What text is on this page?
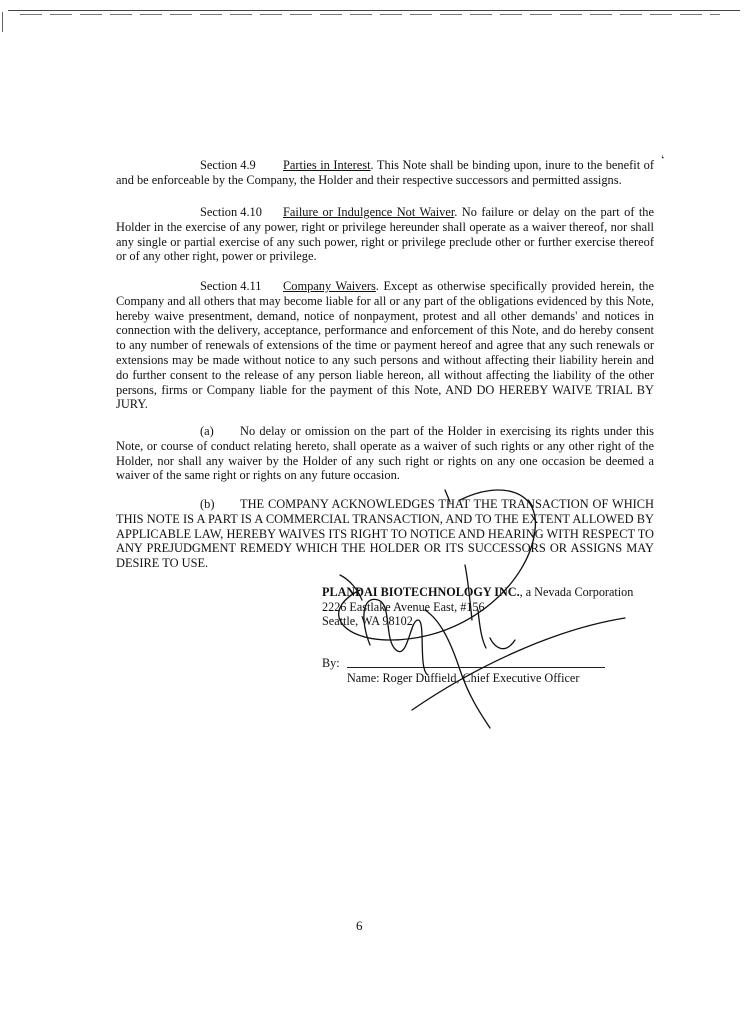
‘
Section 4.9 Parties in Interest. This Note shall be binding upon, inure to the benefit of and be enforceable by the Company, the Holder and their respective successors and permitted assigns.
Section 4.10 Failure or Indulgence Not Waiver. No failure or delay on the part of the Holder in the exercise of any power, right or privilege hereunder shall operate as a waiver thereof, nor shall any single or partial exercise of any such power, right or privilege preclude other or further exercise thereof or of any other right, power or privilege.
Section 4.11 Company Waivers. Except as otherwise specifically provided herein, the Company and all others that may become liable for all or any part of the obligations evidenced by this Note, hereby waive presentment, demand, notice of nonpayment, protest and all other demands' and notices in connection with the delivery, acceptance, performance and enforcement of this Note, and do hereby consent to any number of renewals of extensions of the time or payment hereof and agree that any such renewals or extensions may be made without notice to any such persons and without affecting their liability herein and do further consent to the release of any person liable hereon, all without affecting the liability of the other persons, firms or Company liable for the payment of this Note, AND DO HEREBY WAIVE TRIAL BY JURY.
(a) No delay or omission on the part of the Holder in exercising its rights under this Note, or course of conduct relating hereto, shall operate as a waiver of such rights or any other right of the Holder, nor shall any waiver by the Holder of any such right or rights on any one occasion be deemed a waiver of the same right or rights on any future occasion.
(b) THE COMPANY ACKNOWLEDGES THAT THE TRANSACTION OF WHICH THIS NOTE IS A PART IS A COMMERCIAL TRANSACTION, AND TO THE EXTENT ALLOWED BY APPLICABLE LAW, HEREBY WAIVES ITS RIGHT TO NOTICE AND HEARING WITH RESPECT TO ANY PREJUDGMENT REMEDY WHICH THE HOLDER OR ITS SUCCESSORS OR ASSIGNS MAY DESIRE TO USE.
PLANDAI BIOTECHNOLOGY INC., a Nevada Corporation
2226 Eastlake Avenue East, #156
Seattle, WA 98102
By:
Name: Roger Duffield, Chief Executive Officer
6
